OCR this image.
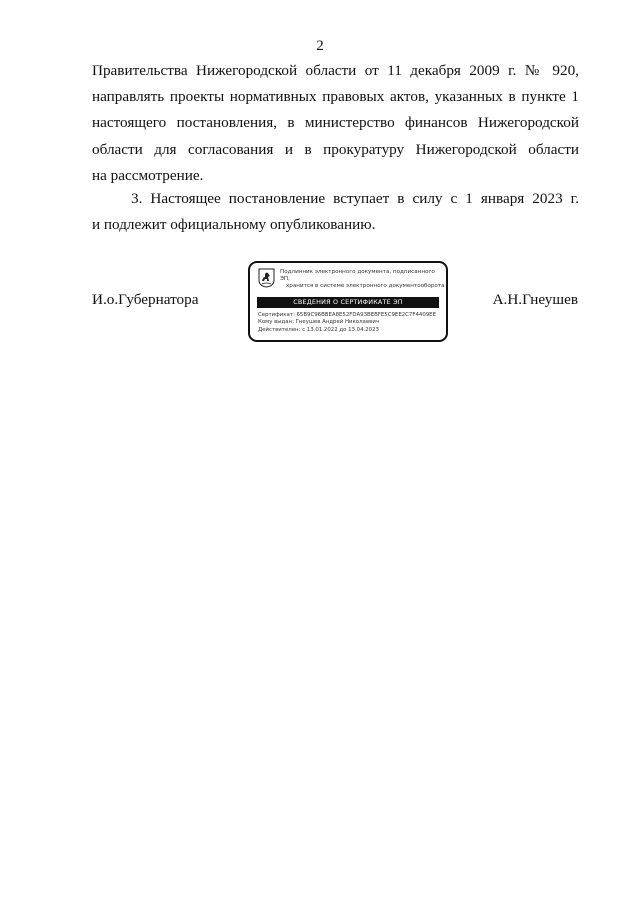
2
Правительства Нижегородской области от 11 декабря 2009 г. № 920,
направлять проекты нормативных правовых актов, указанных в пункте 1
настоящего постановления, в министерство финансов Нижегородской
области для согласования и в прокуратуру Нижегородской области
на рассмотрение.
3. Настоящее постановление вступает в силу с 1 января 2023 г.
и подлежит официальному опубликованию.
И.о.Губернатора	А.Н.Гнеушев
Подлинник электронного документа, подписанного ЭП,
хранится в системе электронного документооборота
СВЕДЕНИЯ О СЕРТИФИКАТЕ ЭП
Сертификат: 65B9C96BBEA8E52FDA93BEBFE5C9EE2C7F4409EE
Кому выдан: Гнеушев Андрей Николаевич
Действителен: с 13.01.2022 до 13.04.2023
